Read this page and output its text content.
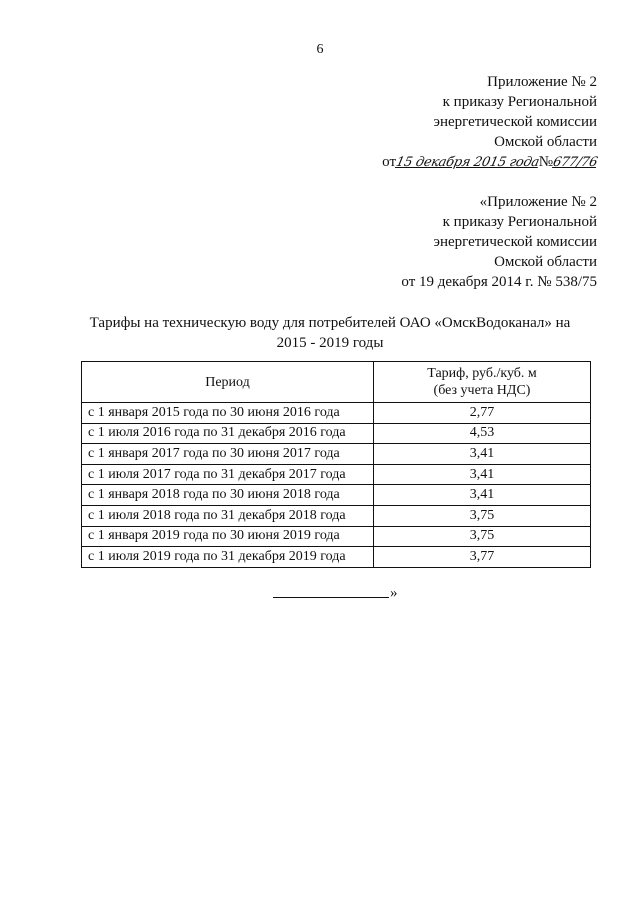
6
Приложение № 2
к приказу Региональной
энергетической комиссии
Омской области
от15 декабря 2015 года№677/76
«Приложение № 2
к приказу Региональной
энергетической комиссии
Омской области
от 19 декабря 2014 г. № 538/75
Тарифы на техническую воду для потребителей ОАО «ОмскВодоканал» на
2015 - 2019 годы
Период	Тариф, руб./куб. м
(без учета НДС)

с 1 января 2015 года по 30 июня 2016 года	2,77
с 1 июля 2016 года по 31 декабря 2016 года	4,53
с 1 января 2017 года по 30 июня 2017 года	3,41
с 1 июля 2017 года по 31 декабря 2017 года	3,41
с 1 января 2018 года по 30 июня 2018 года	3,41
с 1 июля 2018 года по 31 декабря 2018 года	3,75
с 1 января 2019 года по 30 июня 2019 года	3,75
с 1 июля 2019 года по 31 декабря 2019 года	3,77
»
